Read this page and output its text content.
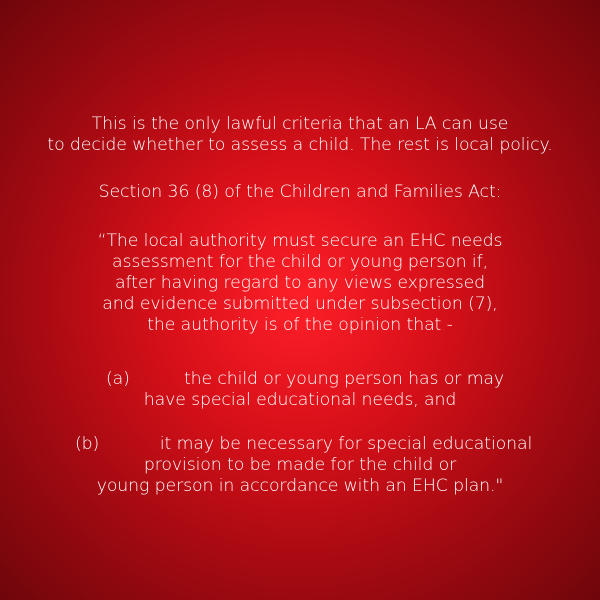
This is the only lawful criteria that an LA can use
to decide whether to assess a child. The rest is local policy.
Section 36 (8) of the Children and Families Act:
“The local authority must secure an EHC needs
assessment for the child or young person if,
after having regard to any views expressed
and evidence submitted under subsection (7),
the authority is of the opinion that -
(a)	the child or young person has or may
have special educational needs, and
(b)	it may be necessary for special educational
provision to be made for the child or
young person in accordance with an EHC plan."
